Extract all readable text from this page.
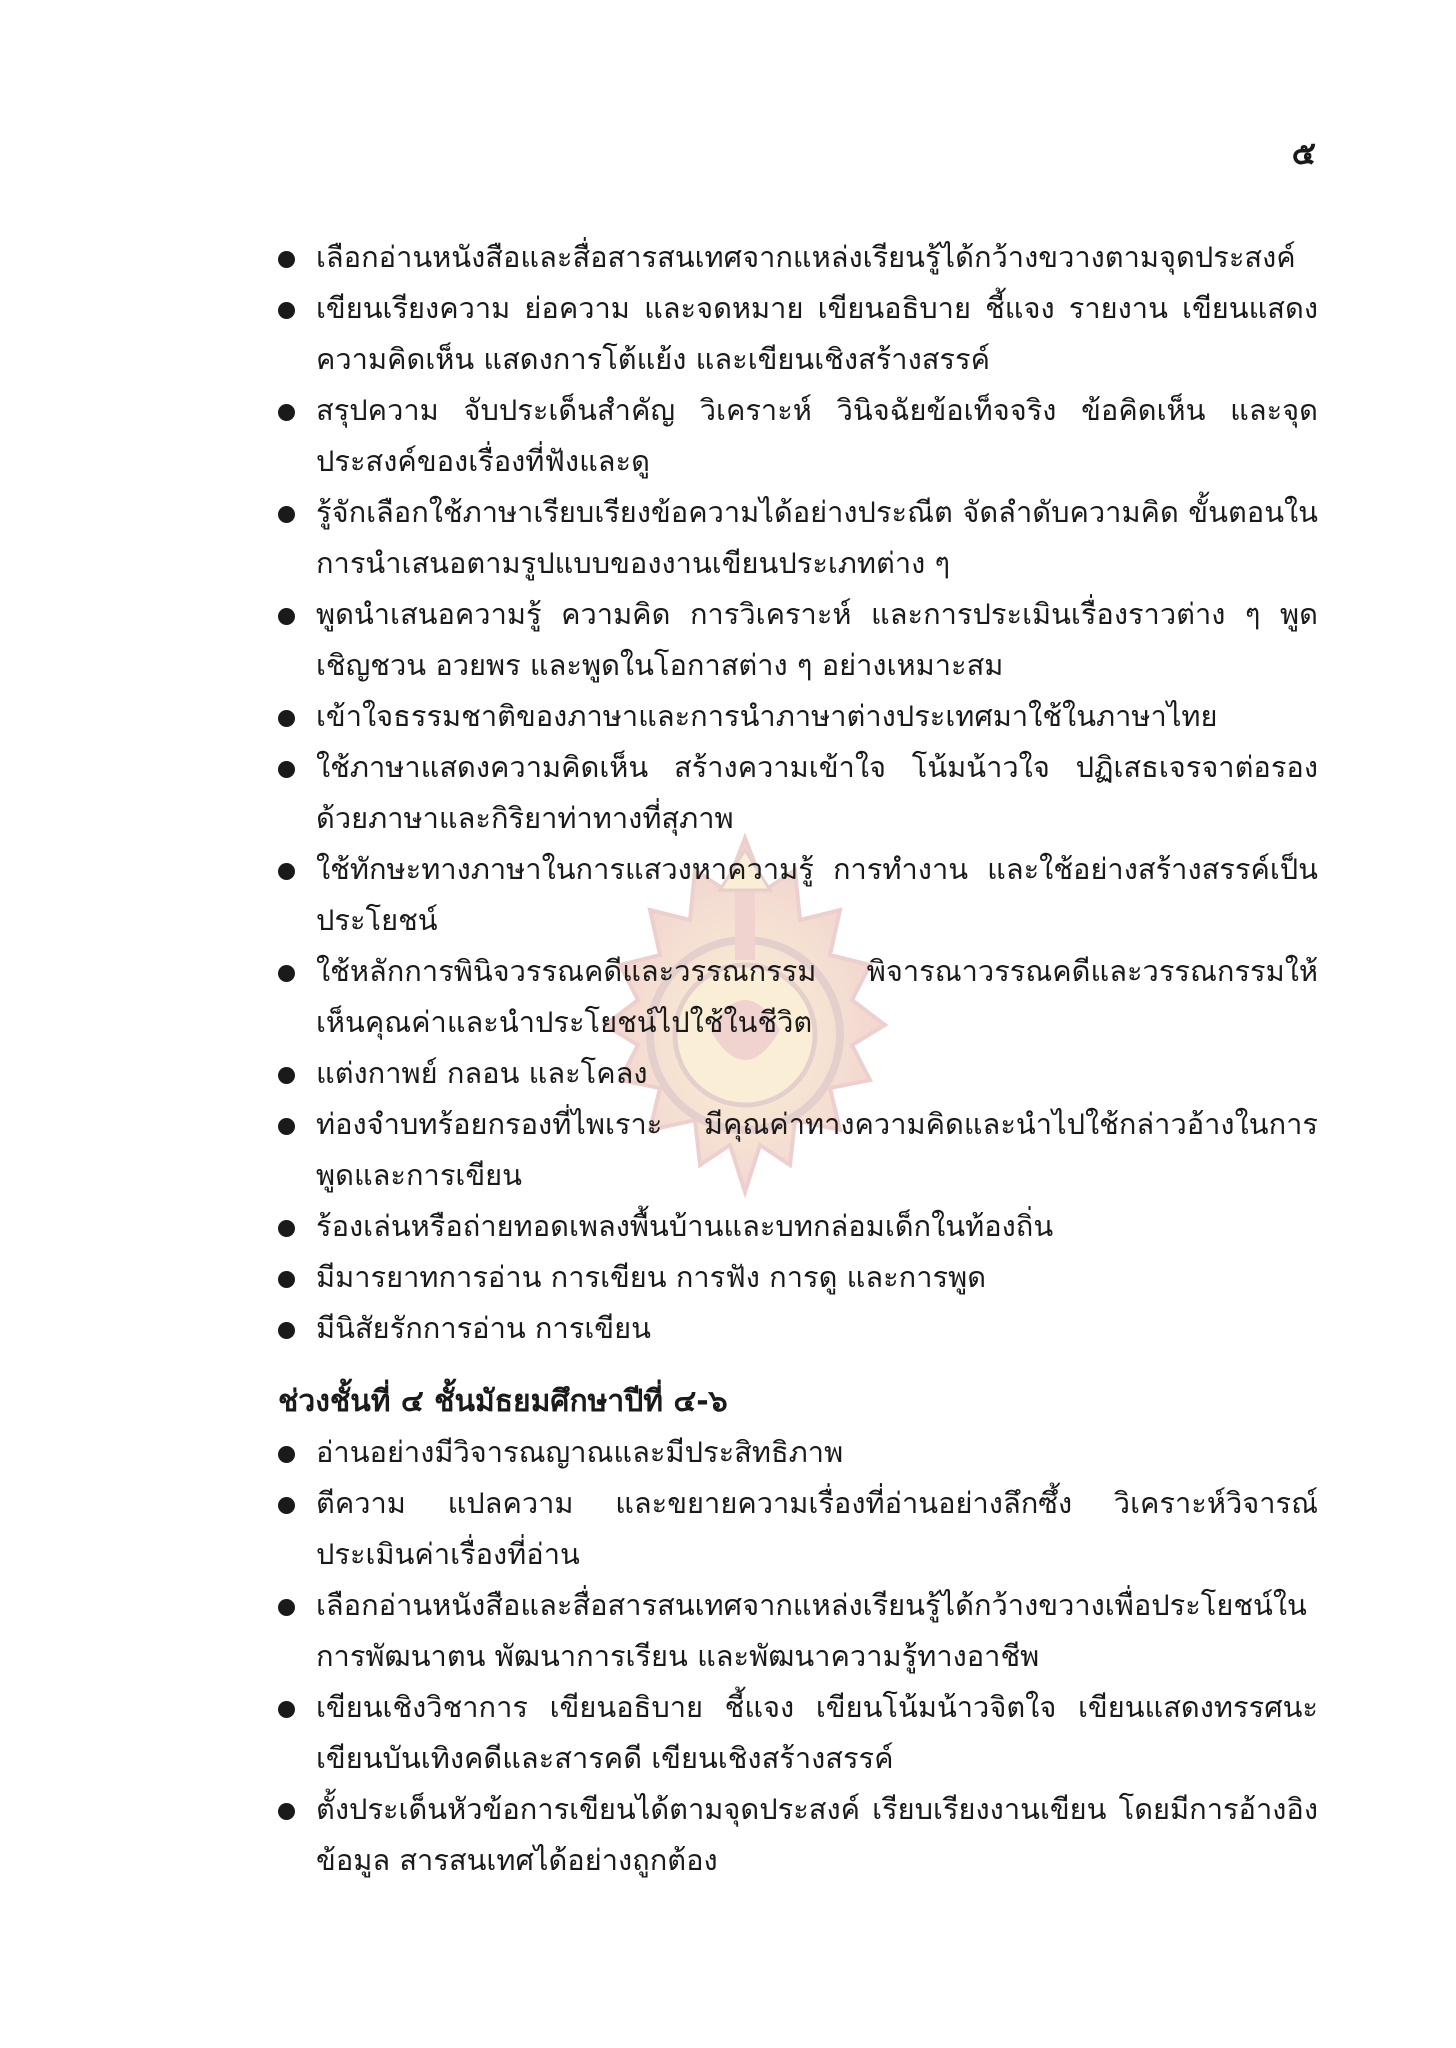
๕
เลือกอ่านหนังสือและสื่อสารสนเทศจากแหล่งเรียนรู้ได้กว้างขวางตามจุดประสงค์
เขียนเรียงความ ย่อความ และจดหมาย เขียนอธิบาย ชี้แจง รายงาน เขียนแสดงความคิดเห็น แสดงการโต้แย้ง และเขียนเชิงสร้างสรรค์
สรุปความ จับประเด็นสำคัญ วิเคราะห์ วินิจฉัยข้อเท็จจริง ข้อคิดเห็น และจุดประสงค์ของเรื่องที่ฟังและดู
รู้จักเลือกใช้ภาษาเรียบเรียงข้อความได้อย่างประณีต จัดลำดับความคิด ขั้นตอนในการนำเสนอตามรูปแบบของงานเขียนประเภทต่าง ๆ
พูดนำเสนอความรู้ ความคิด การวิเคราะห์ และการประเมินเรื่องราวต่าง ๆ พูดเชิญชวน อวยพร และพูดในโอกาสต่าง ๆ อย่างเหมาะสม
เข้าใจธรรมชาติของภาษาและการนำภาษาต่างประเทศมาใช้ในภาษาไทย
ใช้ภาษาแสดงความคิดเห็น สร้างความเข้าใจ โน้มน้าวใจ ปฏิเสธเจรจาต่อรองด้วยภาษาและกิริยาท่าทางที่สุภาพ
ใช้ทักษะทางภาษาในการแสวงหาความรู้ การทำงาน และใช้อย่างสร้างสรรค์เป็นประโยชน์
ใช้หลักการพินิจวรรณคดีและวรรณกรรม พิจารณาวรรณคดีและวรรณกรรมให้เห็นคุณค่าและนำประโยชน์ไปใช้ในชีวิต
แต่งกาพย์ กลอน และโคลง
ท่องจำบทร้อยกรองที่ไพเราะ มีคุณค่าทางความคิดและนำไปใช้กล่าวอ้างในการพูดและการเขียน
ร้องเล่นหรือถ่ายทอดเพลงพื้นบ้านและบทกล่อมเด็กในท้องถิ่น
มีมารยาทการอ่าน การเขียน การฟัง การดู และการพูด
มีนิสัยรักการอ่าน การเขียน
ช่วงชั้นที่ ๔ ชั้นมัธยมศึกษาปีที่ ๔-๖
อ่านอย่างมีวิจารณญาณและมีประสิทธิภาพ
ตีความ แปลความ และขยายความเรื่องที่อ่านอย่างลึกซึ้ง วิเคราะห์วิจารณ์ ประเมินค่าเรื่องที่อ่าน
เลือกอ่านหนังสือและสื่อสารสนเทศจากแหล่งเรียนรู้ได้กว้างขวางเพื่อประโยชน์ในการพัฒนาตน พัฒนาการเรียน และพัฒนาความรู้ทางอาชีพ
เขียนเชิงวิชาการ เขียนอธิบาย ชี้แจง เขียนโน้มน้าวจิตใจ เขียนแสดงทรรศนะ เขียนบันเทิงคดีและสารคดี เขียนเชิงสร้างสรรค์
ตั้งประเด็นหัวข้อการเขียนได้ตามจุดประสงค์ เรียบเรียงงานเขียน โดยมีการอ้างอิงข้อมูล สารสนเทศได้อย่างถูกต้อง
